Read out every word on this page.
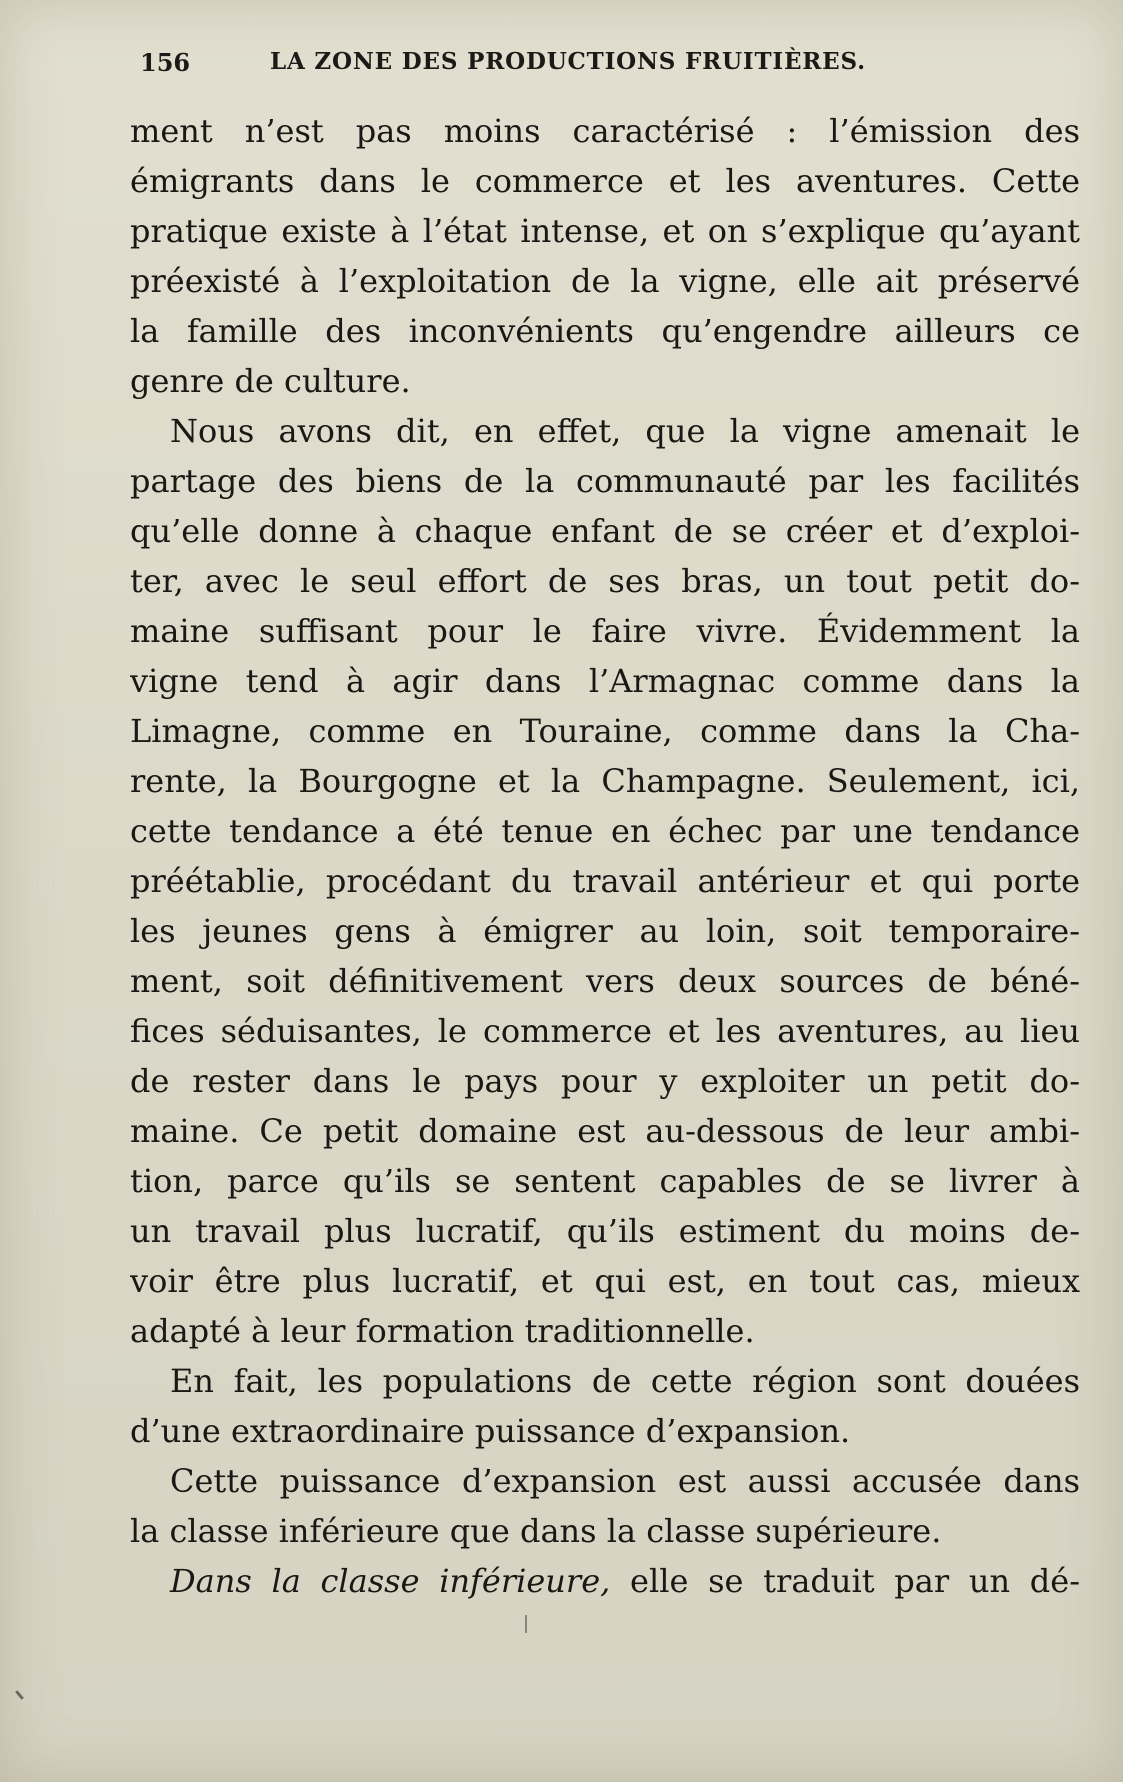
156	LA ZONE DES PRODUCTIONS FRUITIÈRES.
ment n’est pas moins caractérisé : l’émission des
émigrants dans le commerce et les aventures. Cette
pratique existe à l’état intense, et on s’explique qu’ayant
préexisté à l’exploitation de la vigne, elle ait préservé
la famille des inconvénients qu’engendre ailleurs ce
genre de culture.
Nous avons dit, en effet, que la vigne amenait le
partage des biens de la communauté par les facilités
qu’elle donne à chaque enfant de se créer et d’exploi-
ter, avec le seul effort de ses bras, un tout petit do-
maine suffisant pour le faire vivre. Évidemment la
vigne tend à agir dans l’Armagnac comme dans la
Limagne, comme en Touraine, comme dans la Cha-
rente, la Bourgogne et la Champagne. Seulement, ici,
cette tendance a été tenue en échec par une tendance
préétablie, procédant du travail antérieur et qui porte
les jeunes gens à émigrer au loin, soit temporaire-
ment, soit définitivement vers deux sources de béné-
fices séduisantes, le commerce et les aventures, au lieu
de rester dans le pays pour y exploiter un petit do-
maine. Ce petit domaine est au-dessous de leur ambi-
tion, parce qu’ils se sentent capables de se livrer à
un travail plus lucratif, qu’ils estiment du moins de-
voir être plus lucratif, et qui est, en tout cas, mieux
adapté à leur formation traditionnelle.
En fait, les populations de cette région sont douées
d’une extraordinaire puissance d’expansion.
Cette puissance d’expansion est aussi accusée dans
la classe inférieure que dans la classe supérieure.
Dans la classe inférieure, elle se traduit par un dé-
